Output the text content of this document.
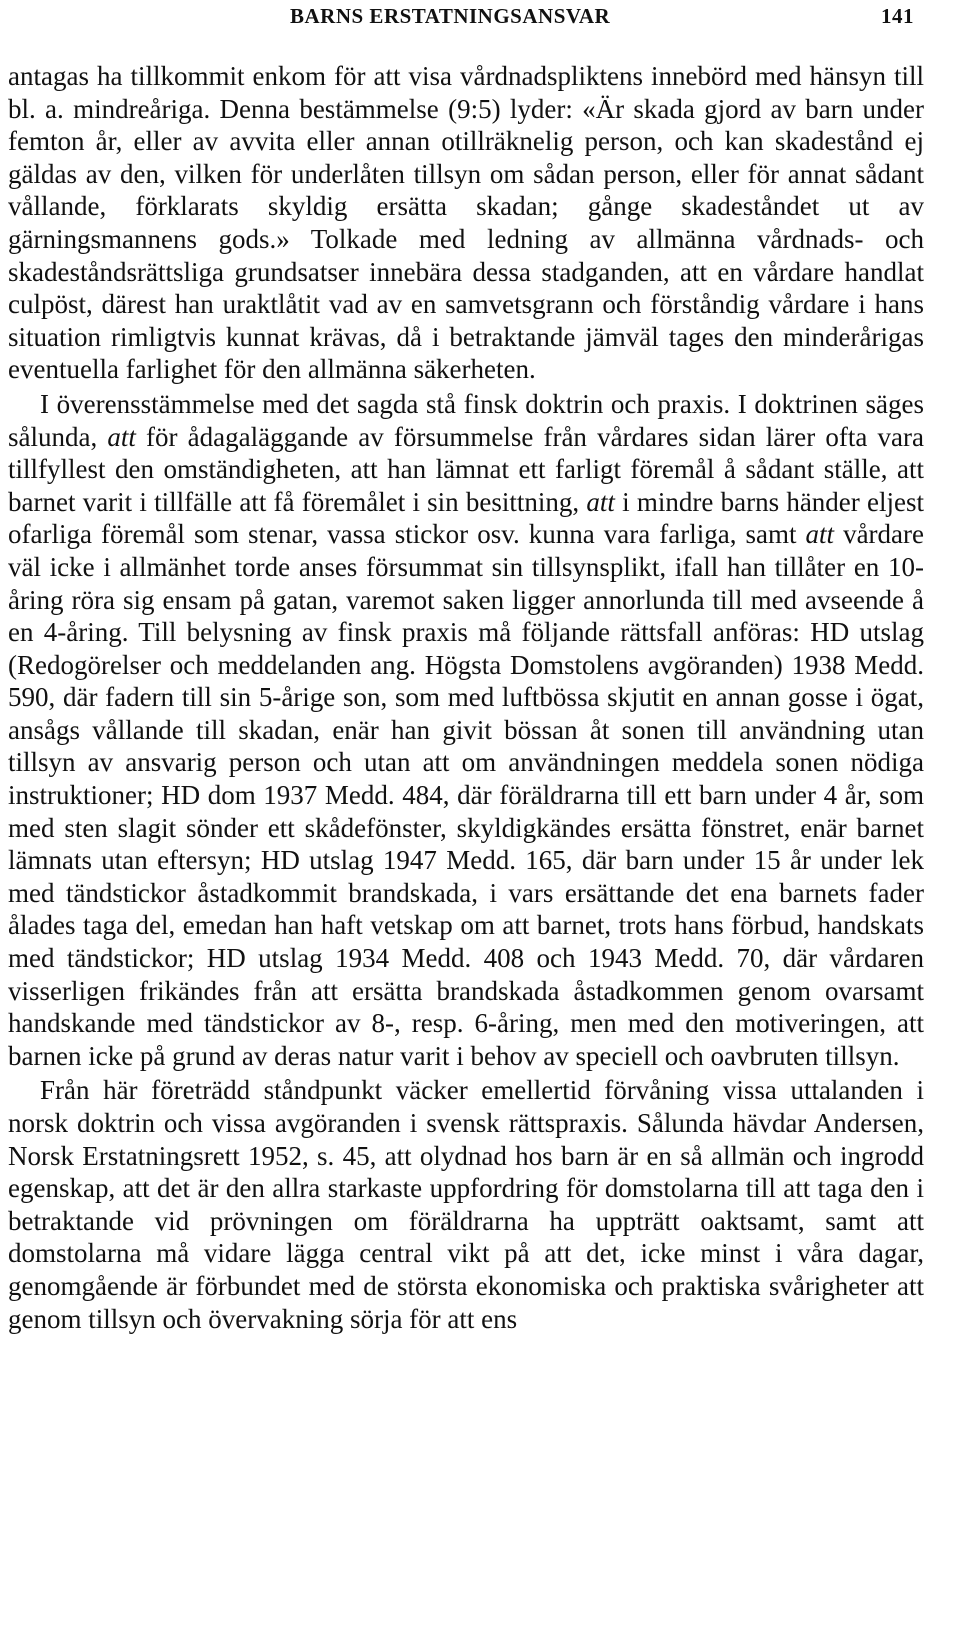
BARNS ERSTATNINGSANSVAR	141

antagas ha tillkommit enkom för att visa vårdnadspliktens innebörd med hänsyn till bl. a. mindreåriga. Denna bestämmelse (9:5) lyder: «Är skada gjord av barn under femton år, eller av avvita eller annan otillräknelig person, och kan skadestånd ej gäldas av den, vilken för underlåten tillsyn om sådan person, eller för annat sådant vållande, förklarats skyldig ersätta skadan; gånge skadeståndet ut av gärningsmannens gods.» Tolkade med ledning av allmänna vårdnads- och skadeståndsrättsliga grundsatser innebära dessa stadganden, att en vårdare handlat culpöst, därest han uraktlåtit vad av en samvetsgrann och förståndig vårdare i hans situation rimligtvis kunnat krävas, då i betraktande jämväl tages den minderårigas eventuella farlighet för den allmänna säkerheten.

I överensstämmelse med det sagda stå finsk doktrin och praxis. I doktrinen säges sålunda, att för ådagaläggande av försummelse från vårdares sidan lärer ofta vara tillfyllest den omständigheten, att han lämnat ett farligt föremål å sådant ställe, att barnet varit i tillfälle att få föremålet i sin besittning, att i mindre barns händer eljest ofarliga föremål som stenar, vassa stickor osv. kunna vara farliga, samt att vårdare väl icke i allmänhet torde anses försummat sin tillsynsplikt, ifall han tillåter en 10-åring röra sig ensam på gatan, varemot saken ligger annorlunda till med avseende å en 4-åring. Till belysning av finsk praxis må följande rättsfall anföras: HD utslag (Redogörelser och meddelanden ang. Högsta Domstolens avgöranden) 1938 Medd. 590, där fadern till sin 5-årige son, som med luftbössa skjutit en annan gosse i ögat, ansågs vållande till skadan, enär han givit bössan åt sonen till användning utan tillsyn av ansvarig person och utan att om användningen meddela sonen nödiga instruktioner; HD dom 1937 Medd. 484, där föräldrarna till ett barn under 4 år, som med sten slagit sönder ett skådefönster, skyldigkändes ersätta fönstret, enär barnet lämnats utan eftersyn; HD utslag 1947 Medd. 165, där barn under 15 år under lek med tändstickor åstadkommit brandskada, i vars ersättande det ena barnets fader ålades taga del, emedan han haft vetskap om att barnet, trots hans förbud, handskats med tändstickor; HD utslag 1934 Medd. 408 och 1943 Medd. 70, där vårdaren visserligen frikändes från att ersätta brandskada åstadkommen genom ovarsamt handskande med tändstickor av 8-, resp. 6-åring, men med den motiveringen, att barnen icke på grund av deras natur varit i behov av speciell och oavbruten tillsyn.

Från här företrädd ståndpunkt väcker emellertid förvåning vissa uttalanden i norsk doktrin och vissa avgöranden i svensk rättspraxis. Sålunda hävdar Andersen, Norsk Erstatningsrett 1952, s. 45, att olydnad hos barn är en så allmän och ingrodd egenskap, att det är den allra starkaste uppfordring för domstolarna till att taga den i betraktande vid prövningen om föräldrarna ha uppträtt oaktsamt, samt att domstolarna må vidare lägga central vikt på att det, icke minst i våra dagar, genomgående är förbundet med de största ekonomiska och praktiska svårigheter att genom tillsyn och övervakning sörja för att ens
